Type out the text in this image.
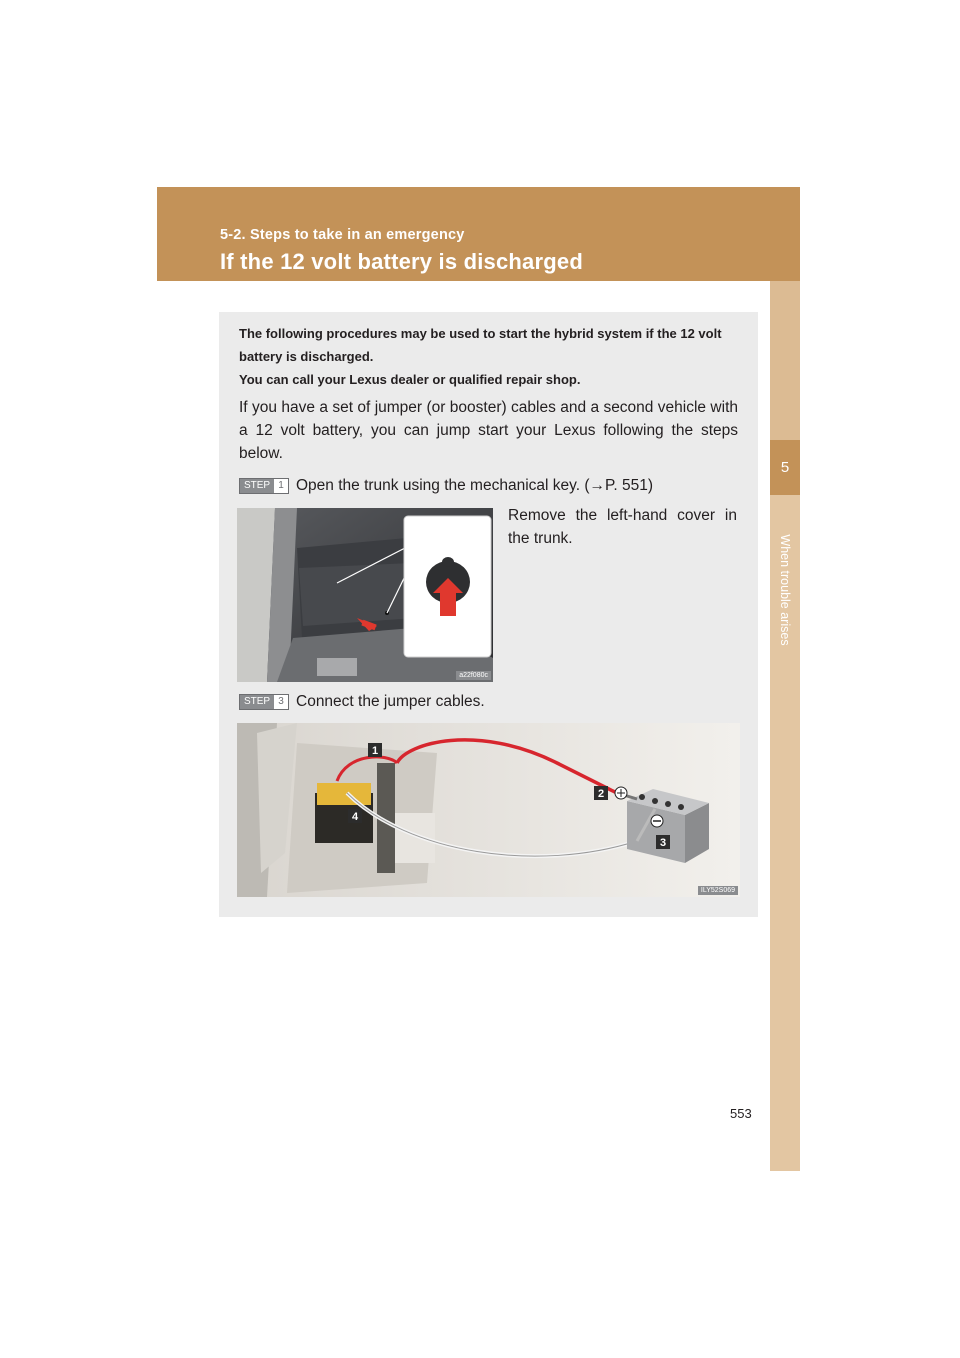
5-2. Steps to take in an emergency
If the 12 volt battery is discharged
5
When trouble arises

The following procedures may be used to start the hybrid system if the 12 volt battery is discharged.

You can call your Lexus dealer or qualified repair shop.

If you have a set of jumper (or booster) cables and a second vehicle with a 12 volt battery, you can jump start your Lexus following the steps below.
STEP 1 Open the trunk using the mechanical key. (→P. 551)
Remove the left-hand cover in the trunk.
a22f080c
STEP 3 Connect the jumper cables.
1
2
3
4
ILY52S069
553
